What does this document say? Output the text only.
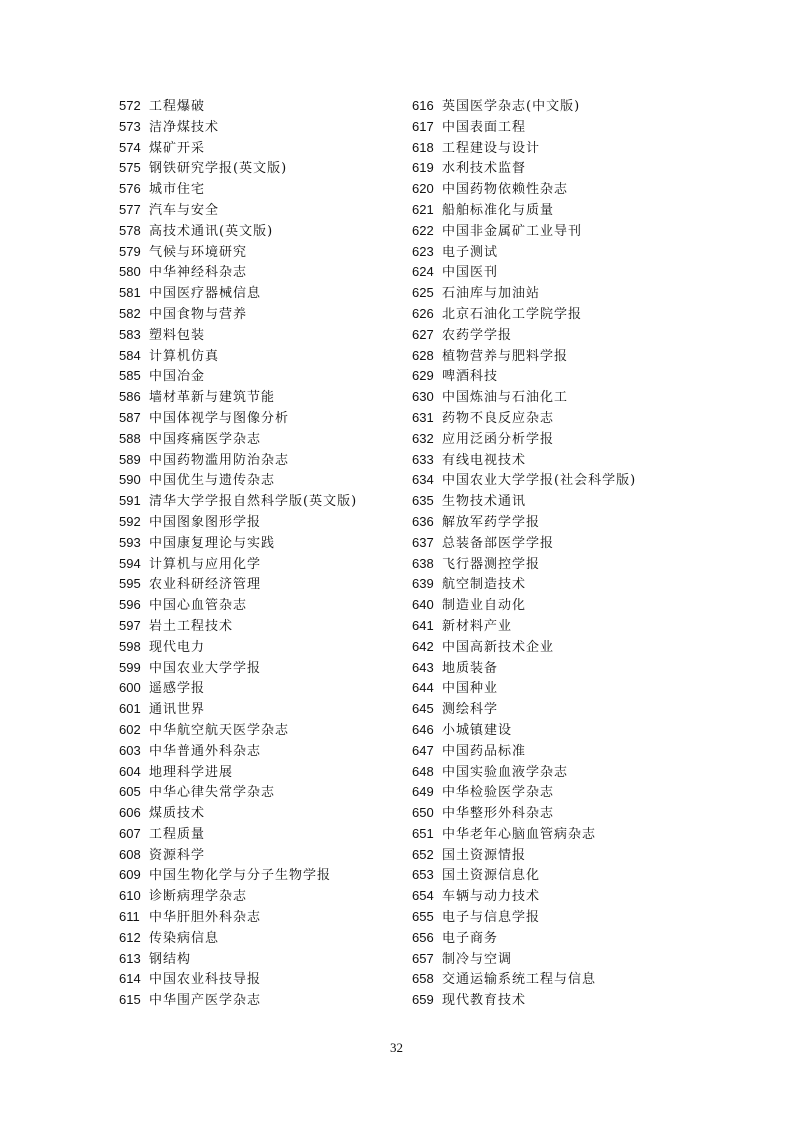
572 工程爆破
573 洁净煤技术
574 煤矿开采
575 钢铁研究学报(英文版)
576 城市住宅
577 汽车与安全
578 高技术通讯(英文版)
579 气候与环境研究
580 中华神经科杂志
581 中国医疗器械信息
582 中国食物与营养
583 塑料包装
584 计算机仿真
585 中国冶金
586 墙材革新与建筑节能
587 中国体视学与图像分析
588 中国疼痛医学杂志
589 中国药物滥用防治杂志
590 中国优生与遗传杂志
591 清华大学学报自然科学版(英文版)
592 中国图象图形学报
593 中国康复理论与实践
594 计算机与应用化学
595 农业科研经济管理
596 中国心血管杂志
597 岩土工程技术
598 现代电力
599 中国农业大学学报
600 遥感学报
601 通讯世界
602 中华航空航天医学杂志
603 中华普通外科杂志
604 地理科学进展
605 中华心律失常学杂志
606 煤质技术
607 工程质量
608 资源科学
609 中国生物化学与分子生物学报
610 诊断病理学杂志
611 中华肝胆外科杂志
612 传染病信息
613 钢结构
614 中国农业科技导报
615 中华围产医学杂志
616 英国医学杂志(中文版)
617 中国表面工程
618 工程建设与设计
619 水利技术监督
620 中国药物依赖性杂志
621 船舶标准化与质量
622 中国非金属矿工业导刊
623 电子测试
624 中国医刊
625 石油库与加油站
626 北京石油化工学院学报
627 农药学学报
628 植物营养与肥料学报
629 啤酒科技
630 中国炼油与石油化工
631 药物不良反应杂志
632 应用泛函分析学报
633 有线电视技术
634 中国农业大学学报(社会科学版)
635 生物技术通讯
636 解放军药学学报
637 总装备部医学学报
638 飞行器测控学报
639 航空制造技术
640 制造业自动化
641 新材料产业
642 中国高新技术企业
643 地质装备
644 中国种业
645 测绘科学
646 小城镇建设
647 中国药品标准
648 中国实验血液学杂志
649 中华检验医学杂志
650 中华整形外科杂志
651 中华老年心脑血管病杂志
652 国土资源情报
653 国土资源信息化
654 车辆与动力技术
655 电子与信息学报
656 电子商务
657 制冷与空调
658 交通运输系统工程与信息
659 现代教育技术
32
